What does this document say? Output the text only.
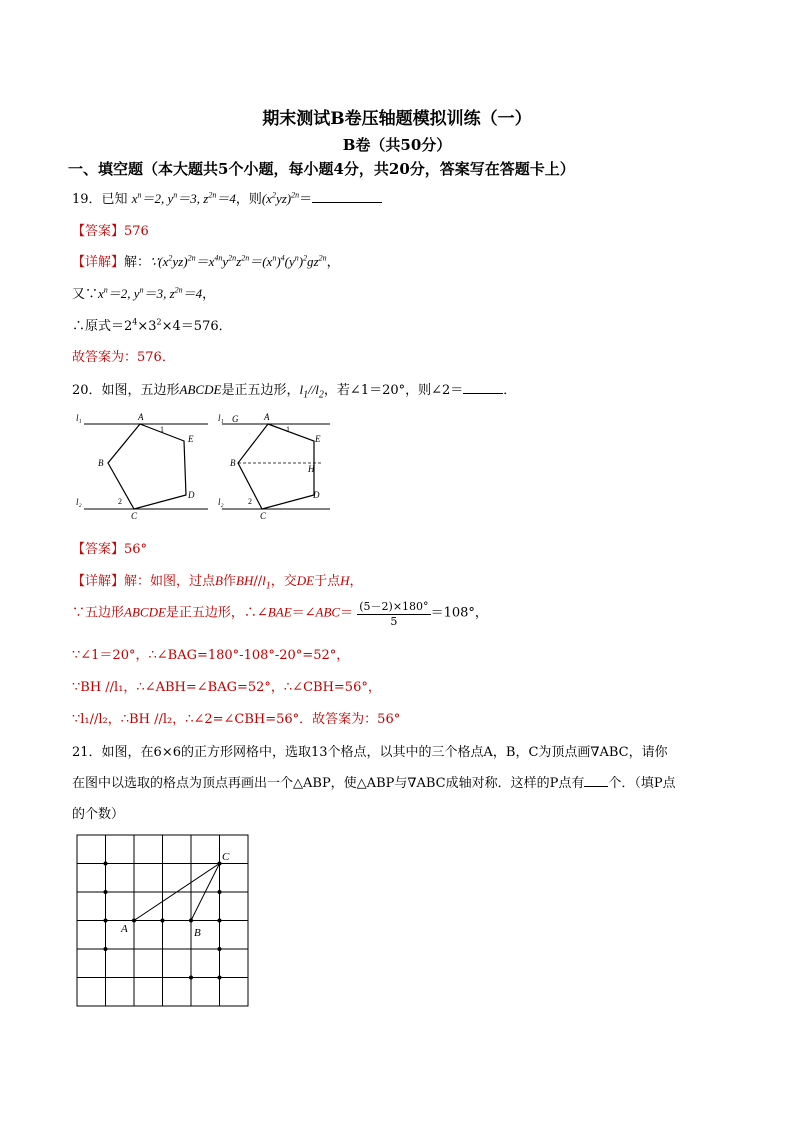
期末测试B卷压轴题模拟训练（一）
B卷（共50分）
一、填空题（本大题共5个小题，每小题4分，共20分，答案写在答题卡上）
19．已知 $x^n=2$, $y^n=3$, $z^{2n}=4$，则$(x^2yz)^{2n}=$
【答案】576
【详解】解：$\because(x^2yz)^{2n}=x^{4n}y^{2n}z^{2n}=(x^n)^4(y^n)^2ɡz^{2n}$，
又$\because x^n=2$, $y^n=3$, $z^{2n}=4$，
∴原式$=2^4\times 3^2\times 4=576$．
故答案为：576．
20．如图，五边形ABCDE是正五边形，$l_1//l_2$，若∠1＝20°，则∠2＝	．
l₁
l₂
A
1
E
B
D
2
C
l₁
l₂
G	A
1
E
B
H
D
2
C
【答案】56°
【详解】解：如图，过点B作$BH//l_1$，交DE于点H，
∵五边形ABCDE是正五边形，∴∠BAE＝∠ABC＝ $\frac{(5-2)\times 180^\circ}{5} =108^\circ$，
∵∠1＝20°，∴∠BAG=180°-108°-20°=52°，
∵BH //l₁，∴∠ABH=∠BAG=52°，∴∠CBH=56°，
∵l₁//l₂，∴BH //l₂，∴∠2=∠CBH=56°．故答案为：56°
21．如图，在6×6的正方形网格中，选取13个格点，以其中的三个格点A，B，C为顶点画∇ABC，请你
在图中以选取的格点为顶点再画出一个△ABP，使△ABP与∇ABC成轴对称．这样的P点有 个．（填P点
的个数）
A	B
C
